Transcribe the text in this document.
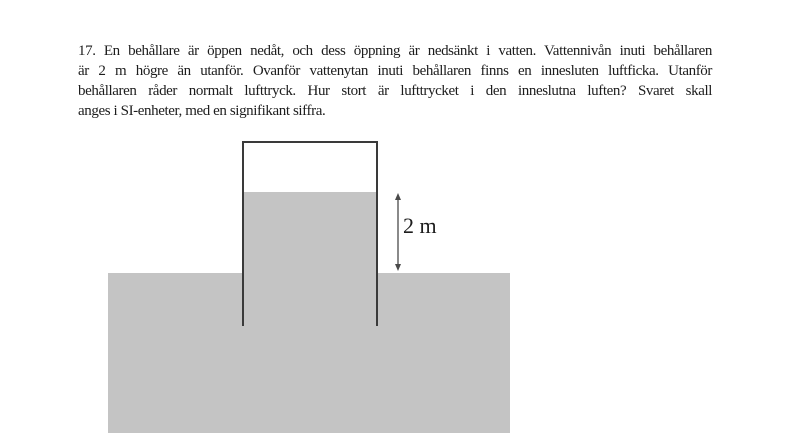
17. En behållare är öppen nedåt, och dess öppning är nedsänkt i vatten. Vattennivån inuti behållaren
är 2 m högre än utanför. Ovanför vattenytan inuti behållaren finns en innesluten luftficka. Utanför
behållaren råder normalt lufttryck. Hur stort är lufttrycket i den inneslutna luften? Svaret skall
anges i SI-enheter, med en signifikant siffra.
2 m
